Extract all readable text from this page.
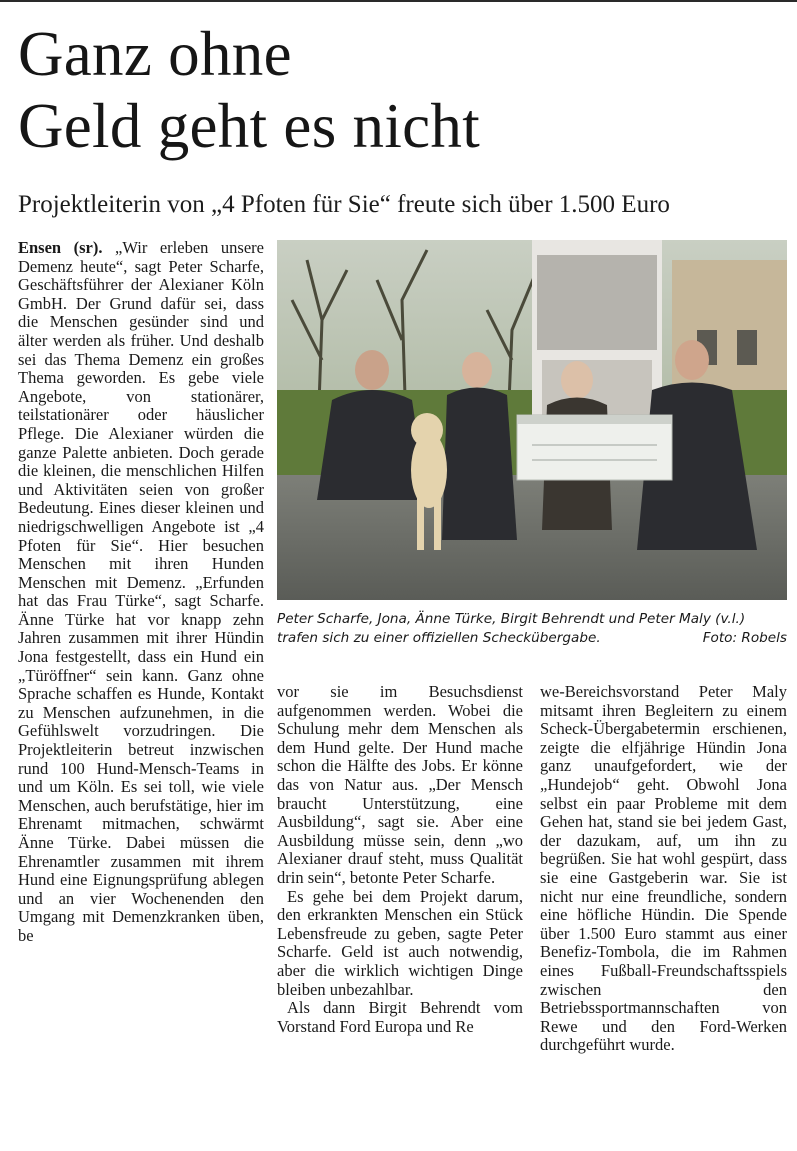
Ganz ohne
Geld geht es nicht
Projektleiterin von „4 Pfoten für Sie“ freute sich über 1.500 Euro

Ensen (sr). „Wir erleben unsere Demenz heute“, sagt Peter Scharfe, Geschäftsführer der Alexianer Köln GmbH. Der Grund dafür sei, dass die Menschen gesünder sind und älter werden als früher. Und deshalb sei das Thema Demenz ein großes Thema geworden. Es gebe viele Angebote, von stationärer, teilstationärer oder häuslicher Pflege. Die Alexianer würden die ganze Palette anbieten. Doch gerade die kleinen, die menschlichen Hilfen und Aktivitäten seien von großer Bedeutung. Eines dieser kleinen und niedrigschwelligen Angebote ist „4 Pfoten für Sie“. Hier besuchen Menschen mit ihren Hunden Menschen mit Demenz. „Erfunden hat das Frau Türke“, sagt Scharfe. Änne Türke hat vor knapp zehn Jahren zusammen mit ihrer Hündin Jona festgestellt, dass ein Hund ein „Türöffner“ sein kann. Ganz ohne Sprache schaffen es Hunde, Kontakt zu Menschen aufzunehmen, in die Gefühlswelt vorzudringen. Die Projektleiterin betreut inzwischen rund 100 Hund-Mensch-Teams in und um Köln. Es sei toll, wie viele Menschen, auch berufstätige, hier im Ehrenamt mitmachen, schwärmt Änne Türke. Dabei müssen die Ehrenamtler zusammen mit ihrem Hund eine Eignungsprüfung ablegen und an vier Wochenenden den Umgang mit Demenzkranken üben, be

Peter Scharfe, Jona, Änne Türke, Birgit Behrendt und Peter Maly (v.l.) trafen sich zu einer offiziellen Scheckübergabe.	Foto: Robels

vor sie im Besuchsdienst aufgenommen werden. Wobei die Schulung mehr dem Menschen als dem Hund gelte. Der Hund mache schon die Hälfte des Jobs. Er könne das von Natur aus. „Der Mensch braucht Unterstützung, eine Ausbildung“, sagt sie. Aber eine Ausbildung müsse sein, denn „wo Alexianer drauf steht, muss Qualität drin sein“, betonte Peter Scharfe.

Es gehe bei dem Projekt darum, den erkrankten Menschen ein Stück Lebensfreude zu geben, sagte Peter Scharfe. Geld ist auch notwendig, aber die wirklich wichtigen Dinge bleiben unbezahlbar.

Als dann Birgit Behrendt vom Vorstand Ford Europa und Re

we-Bereichsvorstand Peter Maly mitsamt ihren Begleitern zu einem Scheck-Übergabetermin erschienen, zeigte die elfjährige Hündin Jona ganz unaufgefordert, wie der „Hundejob“ geht. Obwohl Jona selbst ein paar Probleme mit dem Gehen hat, stand sie bei jedem Gast, der dazukam, auf, um ihn zu begrüßen. Sie hat wohl gespürt, dass sie eine Gastgeberin war. Sie ist nicht nur eine freundliche, sondern eine höfliche Hündin. Die Spende über 1.500 Euro stammt aus einer Benefiz-Tombola, die im Rahmen eines Fußball-Freundschaftsspiels zwischen den Betriebssportmannschaften von Rewe und den Ford-Werken durchgeführt wurde.
